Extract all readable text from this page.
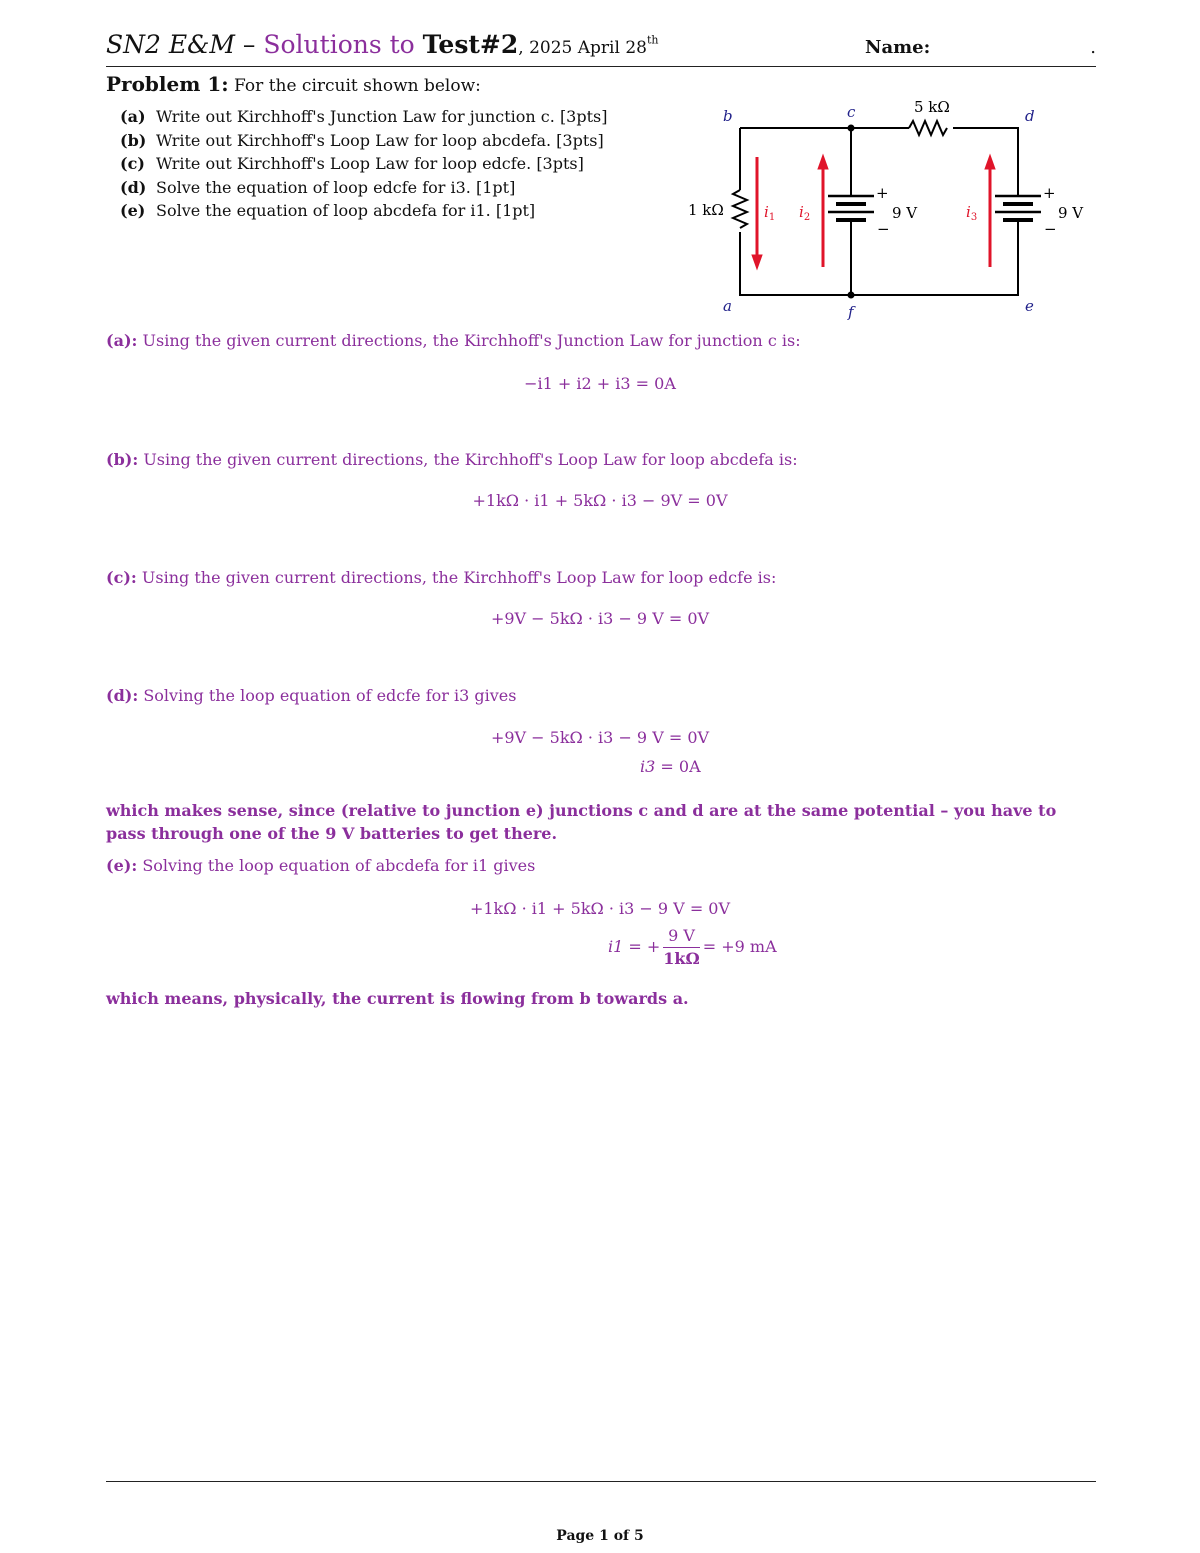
SN2 E&M – Solutions to Test#2, 2025 April 28th	Name:	.
Problem 1: For the circuit shown below:
(a) Write out Kirchhoff's Junction Law for junction c. [3pts]
(b) Write out Kirchhoff's Loop Law for loop abcdefa. [3pts]
(c) Write out Kirchhoff's Loop Law for loop edcfe. [3pts]
(d) Solve the equation of loop edcfe for i3. [1pt]
(e) Solve the equation of loop abcdefa for i1. [1pt]
b	c	d
a	f	e
5 kΩ
1 kΩ	9 V	9 V
+
−
+
−
$i_1$ $i_2$	$i_3$
(a): Using the given current directions, the Kirchhoff's Junction Law for junction c is:
−i1 + i2 + i3 = 0A
(b): Using the given current directions, the Kirchhoff's Loop Law for loop abcdefa is:
+1kΩ · i1 + 5kΩ · i3 − 9V = 0V
(c): Using the given current directions, the Kirchhoff's Loop Law for loop edcfe is:
+9V − 5kΩ · i3 − 9 V = 0V
(d): Solving the loop equation of edcfe for i3 gives
+9V − 5kΩ · i3 − 9 V = 0V
i3 = 0A
which makes sense, since (relative to junction e) junctions c and d are at the same potential – you have to pass through one of the 9 V batteries to get there.
(e): Solving the loop equation of abcdefa for i1 gives
+1kΩ · i1 + 5kΩ · i3 − 9 V = 0V
i1 = + $\frac{9 V}{1k\Omega} = +9$ mA
which means, physically, the current is flowing from b towards a.
Page 1 of 5
